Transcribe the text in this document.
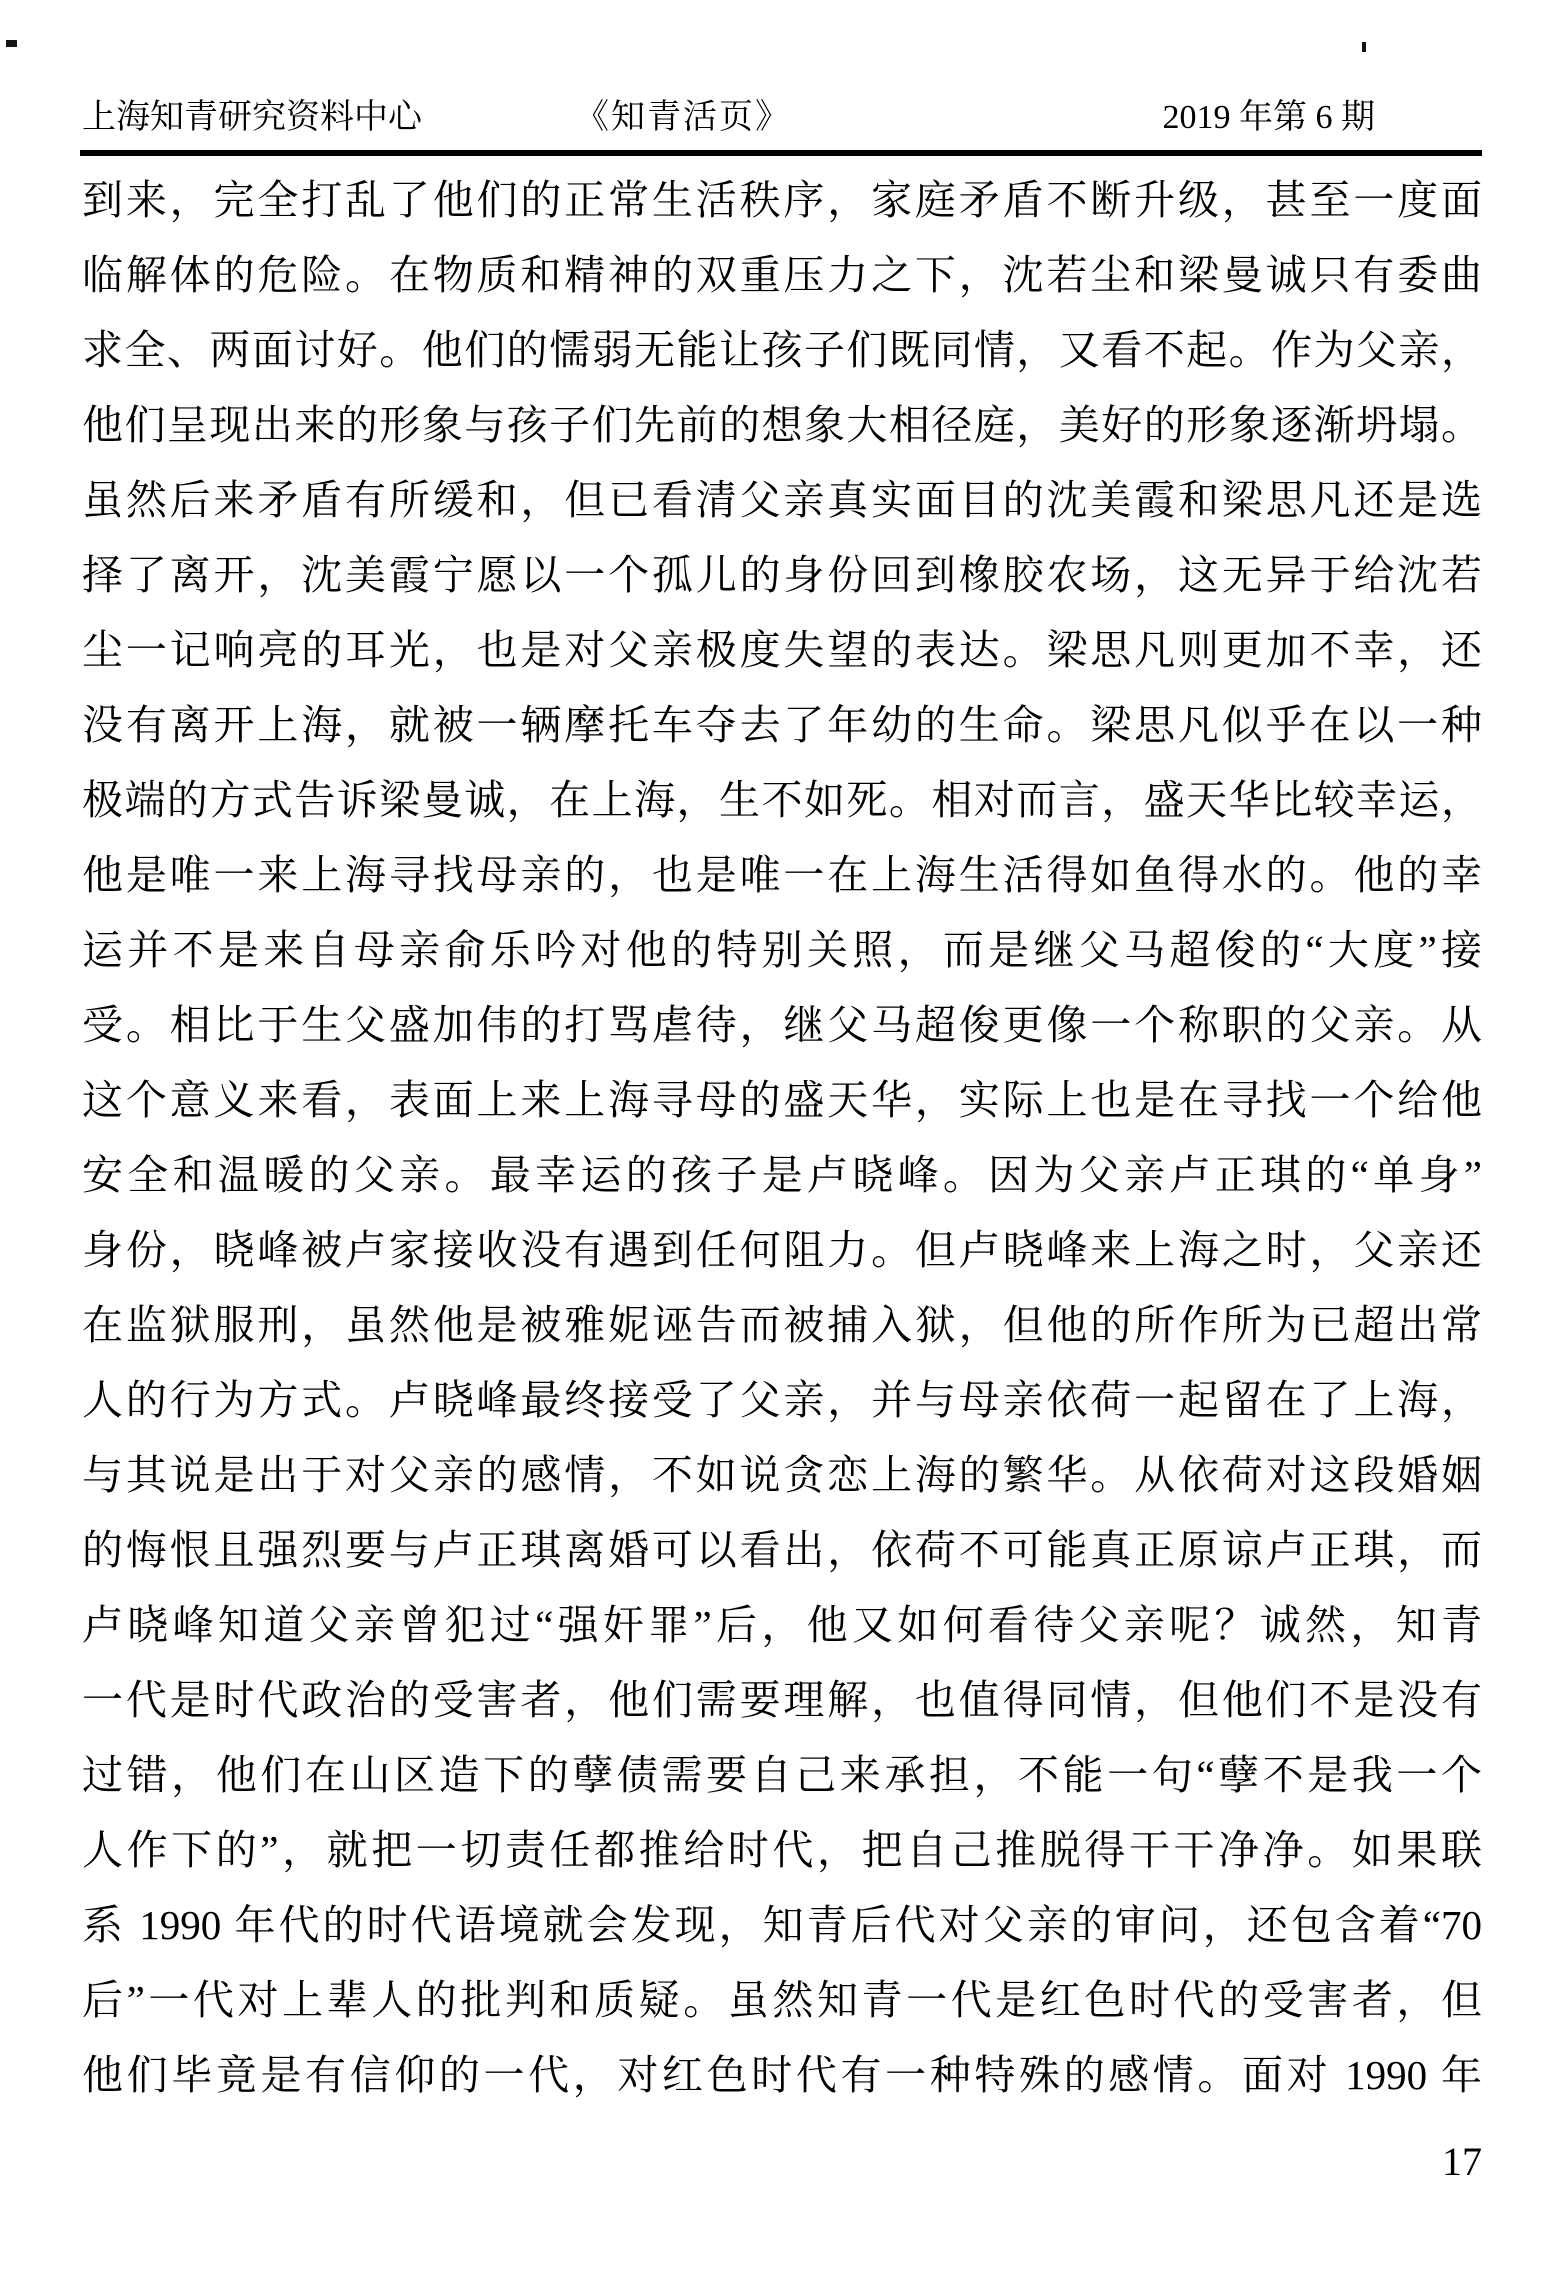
上海知青研究资料中心	《知青活页》	2019 年第 6 期
到来，完全打乱了他们的正常生活秩序，家庭矛盾不断升级，甚至一度面
临解体的危险。在物质和精神的双重压力之下，沈若尘和梁曼诚只有委曲
求全、两面讨好。他们的懦弱无能让孩子们既同情，又看不起。作为父亲，
他们呈现出来的形象与孩子们先前的想象大相径庭，美好的形象逐渐坍塌。
虽然后来矛盾有所缓和，但已看清父亲真实面目的沈美霞和梁思凡还是选
择了离开，沈美霞宁愿以一个孤儿的身份回到橡胶农场，这无异于给沈若
尘一记响亮的耳光，也是对父亲极度失望的表达。梁思凡则更加不幸，还
没有离开上海，就被一辆摩托车夺去了年幼的生命。梁思凡似乎在以一种
极端的方式告诉梁曼诚，在上海，生不如死。相对而言，盛天华比较幸运，
他是唯一来上海寻找母亲的，也是唯一在上海生活得如鱼得水的。他的幸
运并不是来自母亲俞乐吟对他的特别关照，而是继父马超俊的“大度”接
受。相比于生父盛加伟的打骂虐待，继父马超俊更像一个称职的父亲。从
这个意义来看，表面上来上海寻母的盛天华，实际上也是在寻找一个给他
安全和温暖的父亲。最幸运的孩子是卢晓峰。因为父亲卢正琪的“单身”
身份，晓峰被卢家接收没有遇到任何阻力。但卢晓峰来上海之时，父亲还
在监狱服刑，虽然他是被雅妮诬告而被捕入狱，但他的所作所为已超出常
人的行为方式。卢晓峰最终接受了父亲，并与母亲依荷一起留在了上海，
与其说是出于对父亲的感情，不如说贪恋上海的繁华。从依荷对这段婚姻
的悔恨且强烈要与卢正琪离婚可以看出，依荷不可能真正原谅卢正琪，而
卢晓峰知道父亲曾犯过“强奸罪”后，他又如何看待父亲呢？诚然，知青
一代是时代政治的受害者，他们需要理解，也值得同情，但他们不是没有
过错，他们在山区造下的孽债需要自己来承担，不能一句“孽不是我一个
人作下的”，就把一切责任都推给时代，把自己推脱得干干净净。如果联
系 1990 年代的时代语境就会发现，知青后代对父亲的审问，还包含着“70
后”一代对上辈人的批判和质疑。虽然知青一代是红色时代的受害者，但
他们毕竟是有信仰的一代，对红色时代有一种特殊的感情。面对 1990 年
17
